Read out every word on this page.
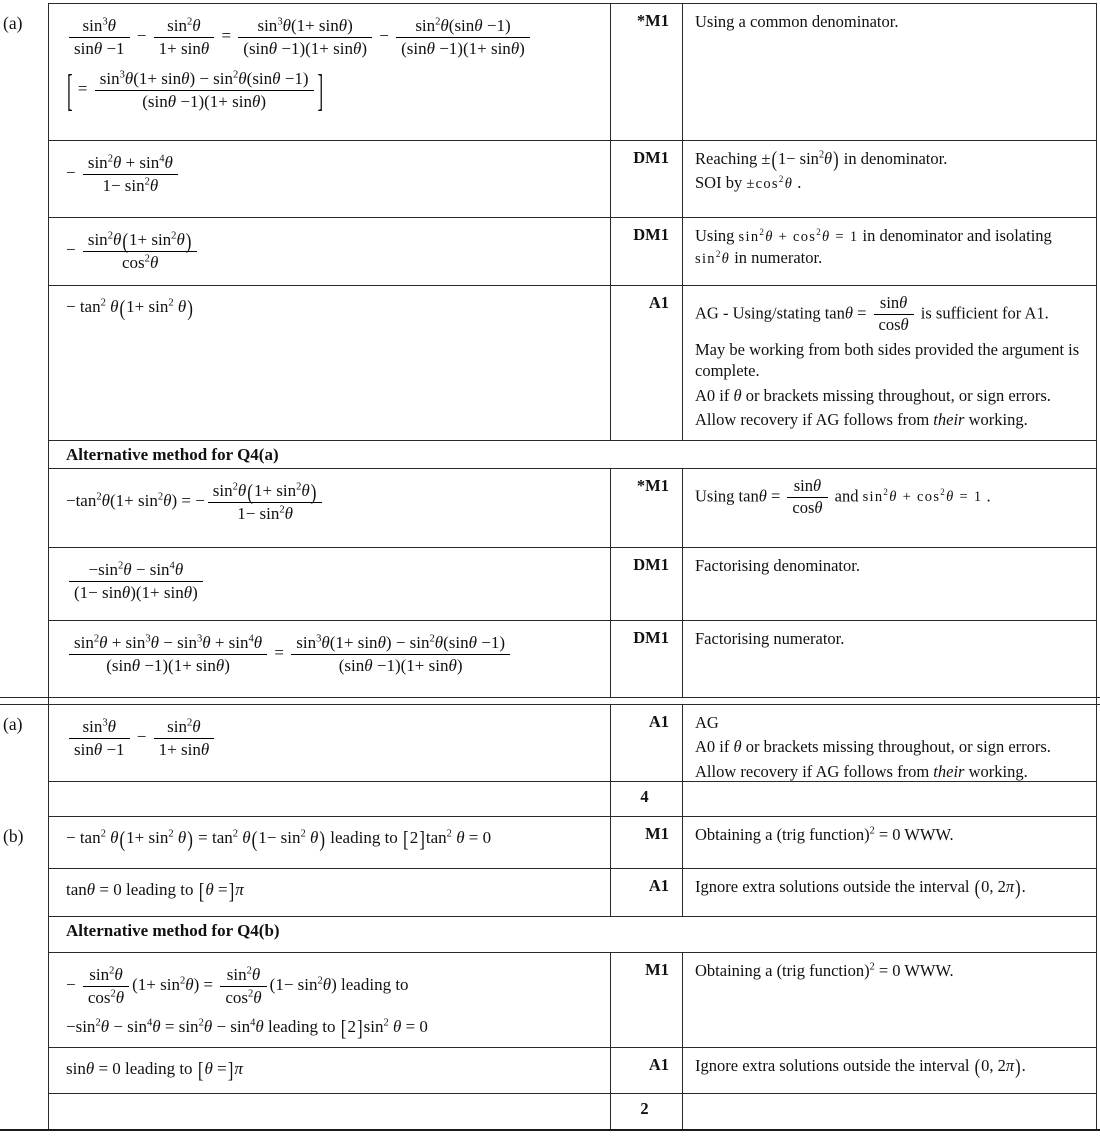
(a)	$\frac{\sin^3\theta}{\sin\theta -1} - \frac{\sin^2\theta}{1+ \sin\theta} = \frac{\sin^3\theta(1+ \sin\theta)}{(\sin\theta -1)(1+ \sin\theta)} - \frac{\sin^2\theta(\sin\theta -1)}{(\sin\theta -1)(1+ \sin\theta)}$
[ = $\frac{\sin^3\theta(1+ \sin\theta) - \sin^2\theta(\sin\theta -1)}{(\sin\theta -1)(1+ \sin\theta)}$ ]
*M1	Using a common denominator.
− $\frac{\sin^2\theta + \sin^4\theta}{1- \sin^2\theta}$	DM1	Reaching $\pm(1- \sin^2\theta)$ in denominator.
SOI by $\pm\cos^2\theta$ .
− $\frac{\sin^2\theta(1+ \sin^2\theta)}{\cos^2\theta}$	DM1	Using $\sin^2\theta + \cos^2\theta = 1$ in denominator and isolating $\sin^2\theta$ in numerator.
− $\tan^2 \theta(1+ \sin^2 \theta)$	A1
AG - Using/stating $\tan\theta = \frac{\sin\theta}{\cos\theta}$ is sufficient for A1.
May be working from both sides provided the argument is complete.
A0 if θ or brackets missing throughout, or sign errors.
Allow recovery if AG follows from their working.
Alternative method for Q4(a)
$-\tan^2\theta(1+ \sin^2\theta)$ = − $\frac{\sin^2\theta(1+ \sin^2\theta)}{1- \sin^2\theta}$	*M1
Using $\tan\theta = \frac{\sin\theta}{\cos\theta}$ and $\sin^2\theta + \cos^2\theta = 1$ .
$\frac{-\sin^2\theta - \sin^4\theta}{(1- \sin\theta)(1+ \sin\theta)}$	DM1	Factorising denominator.
$\frac{\sin^2\theta + \sin^3\theta - \sin^3\theta + \sin^4\theta}{(\sin\theta -1)(1+ \sin\theta)} = \frac{\sin^3\theta(1+ \sin\theta) - \sin^2\theta(\sin\theta -1)}{(\sin\theta -1)(1+ \sin\theta)}$	DM1	Factorising numerator.
(a)	$\frac{\sin^3\theta}{\sin\theta -1} - \frac{\sin^2\theta}{1+ \sin\theta}$	A1	AG
A0 if θ or brackets missing throughout, or sign errors.
Allow recovery if AG follows from their working.
4
(b)	− $\tan^2 \theta(1+ \sin^2 \theta) = \tan^2 \theta(1- \sin^2 \theta)$ leading to $[2]\tan^2$ θ = 0	M1	Obtaining a (trig function)$^2$ = 0 WWW.
tanθ = 0 leading to [θ =]π	A1	Ignore extra solutions outside the interval (0, 2π).
Alternative method for Q4(b)
− $\frac{\sin^2\theta}{\cos^2\theta} (1+ \sin^2\theta) = \frac{\sin^2\theta}{\cos^2\theta} (1- \sin^2\theta)$ leading to
$-\sin^2\theta - \sin^4\theta = \sin^2\theta - \sin^4\theta$ leading to $[2]\sin^2$ θ = 0
M1	Obtaining a (trig function)$^2$ = 0 WWW.
sinθ = 0 leading to [θ =]π	A1	Ignore extra solutions outside the interval (0, 2π).
2
